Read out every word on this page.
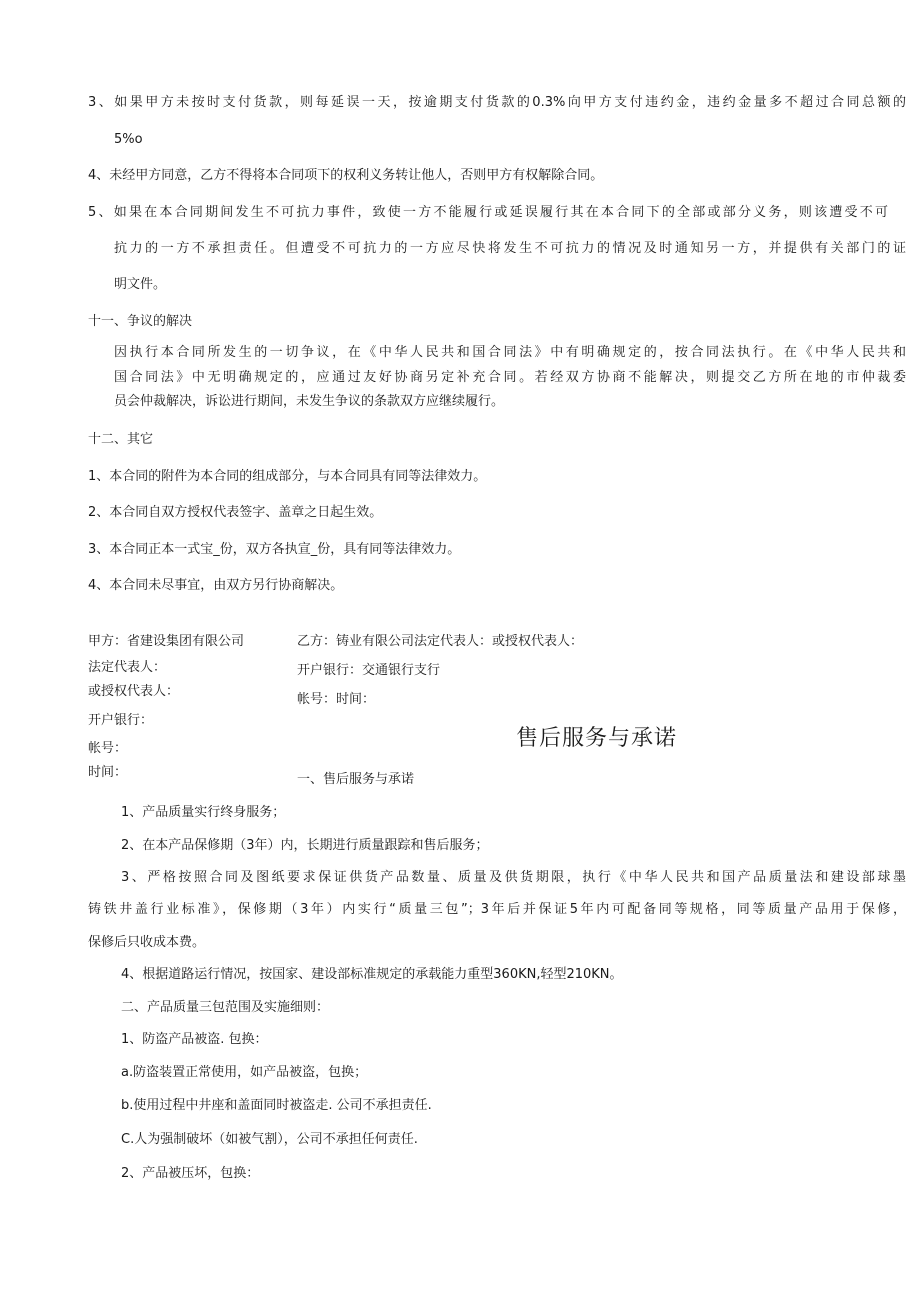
3、如果甲方未按时支付货款，则每延误一天，按逾期支付货款的0.3%向甲方支付违约金，违约金量多不超过合同总额的
5%o
4、未经甲方同意，乙方不得将本合同项下的权利义务转让他人，否则甲方有权解除合同。
5、如果在本合同期间发生不可抗力事件，致使一方不能履行或延误履行其在本合同下的全部或部分义务，则该遭受不可
抗力的一方不承担责任。但遭受不可抗力的一方应尽快将发生不可抗力的情况及时通知另一方，并提供有关部门的证
明文件。
十一、争议的解决
因执行本合同所发生的一切争议，在《中华人民共和国合同法》中有明确规定的，按合同法执行。在《中华人民共和
国合同法》中无明确规定的，应通过友好协商另定补充合同。若经双方协商不能解决，则提交乙方所在地的市仲裁委
员会仲裁解决，诉讼进行期间，未发生争议的条款双方应继续履行。
十二、其它
1、本合同的附件为本合同的组成部分，与本合同具有同等法律效力。
2、本合同自双方授权代表签字、盖章之日起生效。
3、本合同正本一式宝_份，双方各执宣_份，具有同等法律效力。
4、本合同未尽事宜，由双方另行协商解决。
甲方：省建设集团有限公司
法定代表人：
或授权代表人：
开户银行：
帐号：
时间：
乙方：铸业有限公司法定代表人：或授权代表人：
开户银行：交通银行支行
帐号：时间：
售后服务与承诺
一、售后服务与承诺
1、产品质量实行终身服务；
2、在本产品保修期（3年）内，长期进行质量跟踪和售后服务；
3、严格按照合同及图纸要求保证供货产品数量、质量及供货期限，执行《中华人民共和国产品质量法和建设部球墨
铸铁井盖行业标准》，保修期（3年）内实行“质量三包”；3年后并保证5年内可配备同等规格，同等质量产品用于保修，
保修后只收成本费。
4、根据道路运行情况，按国家、建设部标准规定的承载能力重型360KN,轻型210KN。
二、产品质量三包范围及实施细则：
1、防盗产品被盗. 包换：
a.防盗装置正常使用，如产品被盗，包换；
b.使用过程中井座和盖面同时被盗走. 公司不承担责任.
C.人为强制破坏（如被气割），公司不承担任何责任.
2、产品被压坏，包换：
